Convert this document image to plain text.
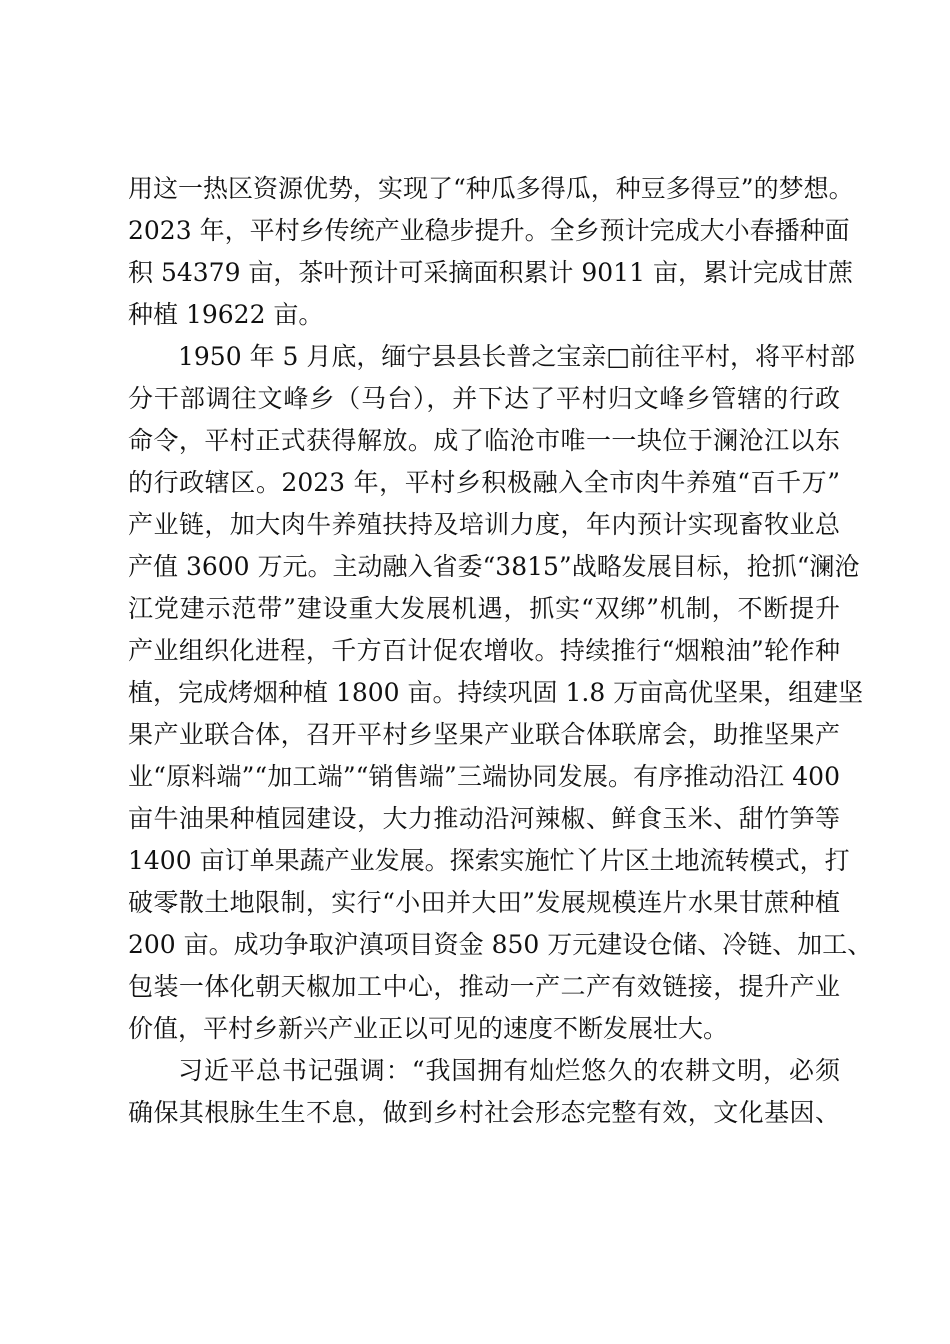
用这一热区资源优势，实现了“种瓜多得瓜，种豆多得豆”的梦想。
2023 年，平村乡传统产业稳步提升。全乡预计完成大小春播种面
积 54379 亩，茶叶预计可采摘面积累计 9011 亩，累计完成甘蔗
种植 19622 亩。
1950 年 5 月底，缅宁县县长普之宝亲□前往平村，将平村部
分干部调往文峰乡（马台），并下达了平村归文峰乡管辖的行政
命令，平村正式获得解放。成了临沧市唯一一块位于澜沧江以东
的行政辖区。2023 年，平村乡积极融入全市肉牛养殖“百千万”
产业链，加大肉牛养殖扶持及培训力度，年内预计实现畜牧业总
产值 3600 万元。主动融入省委“3815”战略发展目标，抢抓“澜沧
江党建示范带”建设重大发展机遇，抓实“双绑”机制，不断提升
产业组织化进程，千方百计促农增收。持续推行“烟粮油”轮作种
植，完成烤烟种植 1800 亩。持续巩固 1.8 万亩高优坚果，组建坚
果产业联合体，召开平村乡坚果产业联合体联席会，助推坚果产
业“原料端”“加工端”“销售端”三端协同发展。有序推动沿江 400
亩牛油果种植园建设，大力推动沿河辣椒、鲜食玉米、甜竹笋等
1400 亩订单果蔬产业发展。探索实施忙丫片区土地流转模式，打
破零散土地限制，实行“小田并大田”发展规模连片水果甘蔗种植
200 亩。成功争取沪滇项目资金 850 万元建设仓储、冷链、加工、
包装一体化朝天椒加工中心，推动一产二产有效链接，提升产业
价值，平村乡新兴产业正以可见的速度不断发展壮大。
习近平总书记强调：“我国拥有灿烂悠久的农耕文明，必须
确保其根脉生生不息，做到乡村社会形态完整有效，文化基因、
